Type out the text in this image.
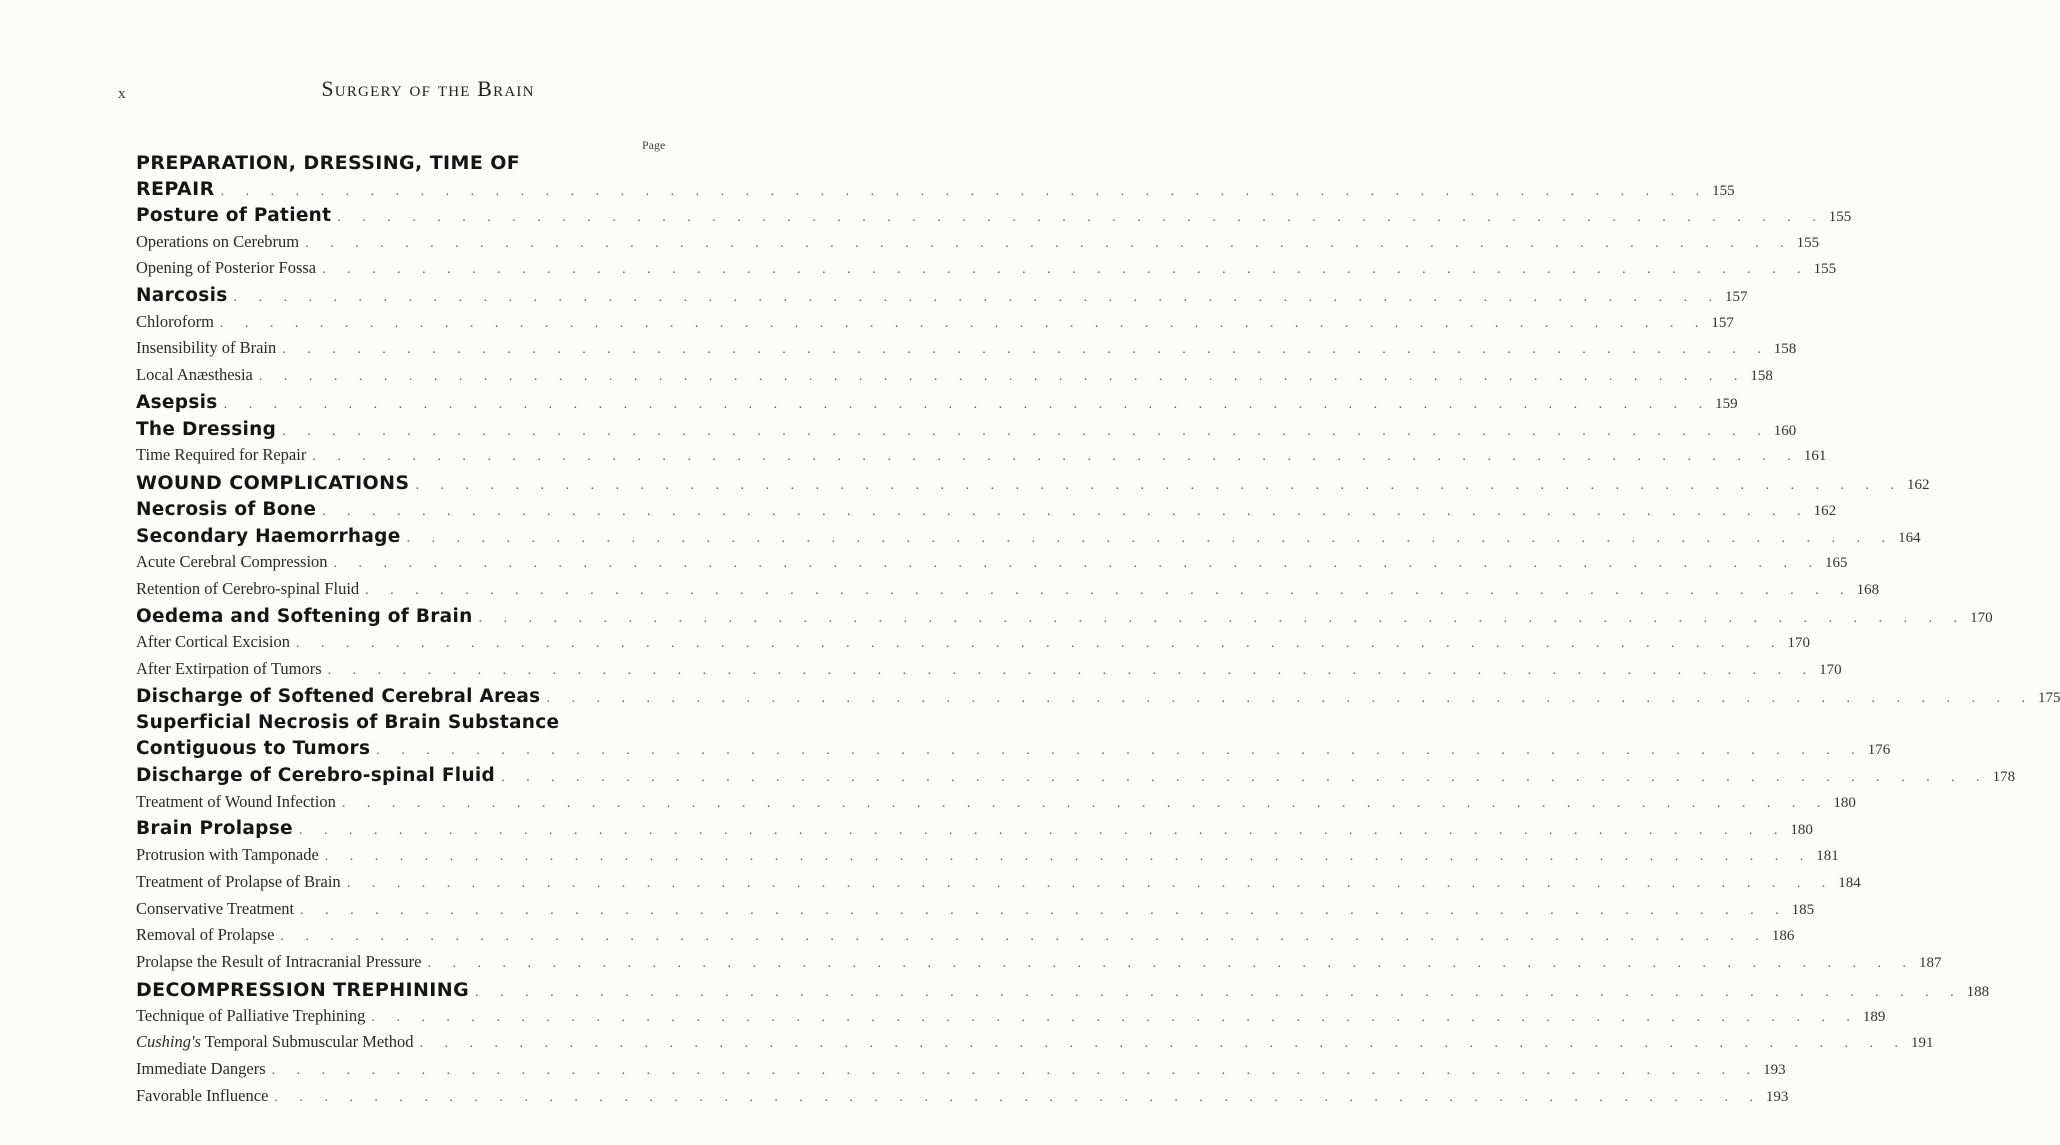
x	Surgery of the Brain
Page
PREPARATION, DRESSING, TIME OF
REPAIR . . . . . . . . . . . . . . . . . . . . . . . . . . . . . . . . . . . . . . . . . . . . . . . . . . . . . . . . . . . . 155
Posture of Patient . . . . . . . . . . . . . . . . . . . . . . . . . . . . . . . . . . . . . . . . . . . . . . . . . . . . . . . . . . . . 155
Operations on Cerebrum . . . . . . . . . . . . . . . . . . . . . . . . . . . . . . . . . . . . . . . . . . . . . . . . . . . . . . . . . . . . 155
Opening of Posterior Fossa . . . . . . . . . . . . . . . . . . . . . . . . . . . . . . . . . . . . . . . . . . . . . . . . . . . . . . . . . . . . 155
Narcosis . . . . . . . . . . . . . . . . . . . . . . . . . . . . . . . . . . . . . . . . . . . . . . . . . . . . . . . . . . . . 157
Chloroform . . . . . . . . . . . . . . . . . . . . . . . . . . . . . . . . . . . . . . . . . . . . . . . . . . . . . . . . . . . . 157
Insensibility of Brain . . . . . . . . . . . . . . . . . . . . . . . . . . . . . . . . . . . . . . . . . . . . . . . . . . . . . . . . . . . . 158
Local Anæsthesia . . . . . . . . . . . . . . . . . . . . . . . . . . . . . . . . . . . . . . . . . . . . . . . . . . . . . . . . . . . . 158
Asepsis . . . . . . . . . . . . . . . . . . . . . . . . . . . . . . . . . . . . . . . . . . . . . . . . . . . . . . . . . . . . 159
The Dressing . . . . . . . . . . . . . . . . . . . . . . . . . . . . . . . . . . . . . . . . . . . . . . . . . . . . . . . . . . . . 160
Time Required for Repair . . . . . . . . . . . . . . . . . . . . . . . . . . . . . . . . . . . . . . . . . . . . . . . . . . . . . . . . . . . . 161
WOUND COMPLICATIONS . . . . . . . . . . . . . . . . . . . . . . . . . . . . . . . . . . . . . . . . . . . . . . . . . . . . . . . . . . . . 162
Necrosis of Bone . . . . . . . . . . . . . . . . . . . . . . . . . . . . . . . . . . . . . . . . . . . . . . . . . . . . . . . . . . . . 162
Secondary Haemorrhage . . . . . . . . . . . . . . . . . . . . . . . . . . . . . . . . . . . . . . . . . . . . . . . . . . . . . . . . . . . . 164
Acute Cerebral Compression . . . . . . . . . . . . . . . . . . . . . . . . . . . . . . . . . . . . . . . . . . . . . . . . . . . . . . . . . . . . 165
Retention of Cerebro-spinal Fluid . . . . . . . . . . . . . . . . . . . . . . . . . . . . . . . . . . . . . . . . . . . . . . . . . . . . . . . . . . . . 168
Oedema and Softening of Brain . . . . . . . . . . . . . . . . . . . . . . . . . . . . . . . . . . . . . . . . . . . . . . . . . . . . . . . . . . . . 170
After Cortical Excision . . . . . . . . . . . . . . . . . . . . . . . . . . . . . . . . . . . . . . . . . . . . . . . . . . . . . . . . . . . . 170
After Extirpation of Tumors . . . . . . . . . . . . . . . . . . . . . . . . . . . . . . . . . . . . . . . . . . . . . . . . . . . . . . . . . . . . 170
Discharge of Softened Cerebral Areas . . . . . . . . . . . . . . . . . . . . . . . . . . . . . . . . . . . . . . . . . . . . . . . . . . . . . . . . . . . . 175
Superficial Necrosis of Brain Substance
Contiguous to Tumors . . . . . . . . . . . . . . . . . . . . . . . . . . . . . . . . . . . . . . . . . . . . . . . . . . . . . . . . . . . . 176
Discharge of Cerebro-spinal Fluid . . . . . . . . . . . . . . . . . . . . . . . . . . . . . . . . . . . . . . . . . . . . . . . . . . . . . . . . . . . . 178
Treatment of Wound Infection . . . . . . . . . . . . . . . . . . . . . . . . . . . . . . . . . . . . . . . . . . . . . . . . . . . . . . . . . . . . 180
Brain Prolapse . . . . . . . . . . . . . . . . . . . . . . . . . . . . . . . . . . . . . . . . . . . . . . . . . . . . . . . . . . . . 180
Protrusion with Tamponade . . . . . . . . . . . . . . . . . . . . . . . . . . . . . . . . . . . . . . . . . . . . . . . . . . . . . . . . . . . . 181
Treatment of Prolapse of Brain . . . . . . . . . . . . . . . . . . . . . . . . . . . . . . . . . . . . . . . . . . . . . . . . . . . . . . . . . . . . 184
Conservative Treatment . . . . . . . . . . . . . . . . . . . . . . . . . . . . . . . . . . . . . . . . . . . . . . . . . . . . . . . . . . . . 185
Removal of Prolapse . . . . . . . . . . . . . . . . . . . . . . . . . . . . . . . . . . . . . . . . . . . . . . . . . . . . . . . . . . . . 186
Prolapse the Result of Intracranial Pressure . . . . . . . . . . . . . . . . . . . . . . . . . . . . . . . . . . . . . . . . . . . . . . . . . . . . . . . . . . . . 187
DECOMPRESSION TREPHINING . . . . . . . . . . . . . . . . . . . . . . . . . . . . . . . . . . . . . . . . . . . . . . . . . . . . . . . . . . . . 188
Technique of Palliative Trephining . . . . . . . . . . . . . . . . . . . . . . . . . . . . . . . . . . . . . . . . . . . . . . . . . . . . . . . . . . . . 189
Cushing's Temporal Submuscular Method . . . . . . . . . . . . . . . . . . . . . . . . . . . . . . . . . . . . . . . . . . . . . . . . . . . . . . . . . . . . 191
Immediate Dangers . . . . . . . . . . . . . . . . . . . . . . . . . . . . . . . . . . . . . . . . . . . . . . . . . . . . . . . . . . . . 193
Favorable Influence . . . . . . . . . . . . . . . . . . . . . . . . . . . . . . . . . . . . . . . . . . . . . . . . . . . . . . . . . . . . 193
